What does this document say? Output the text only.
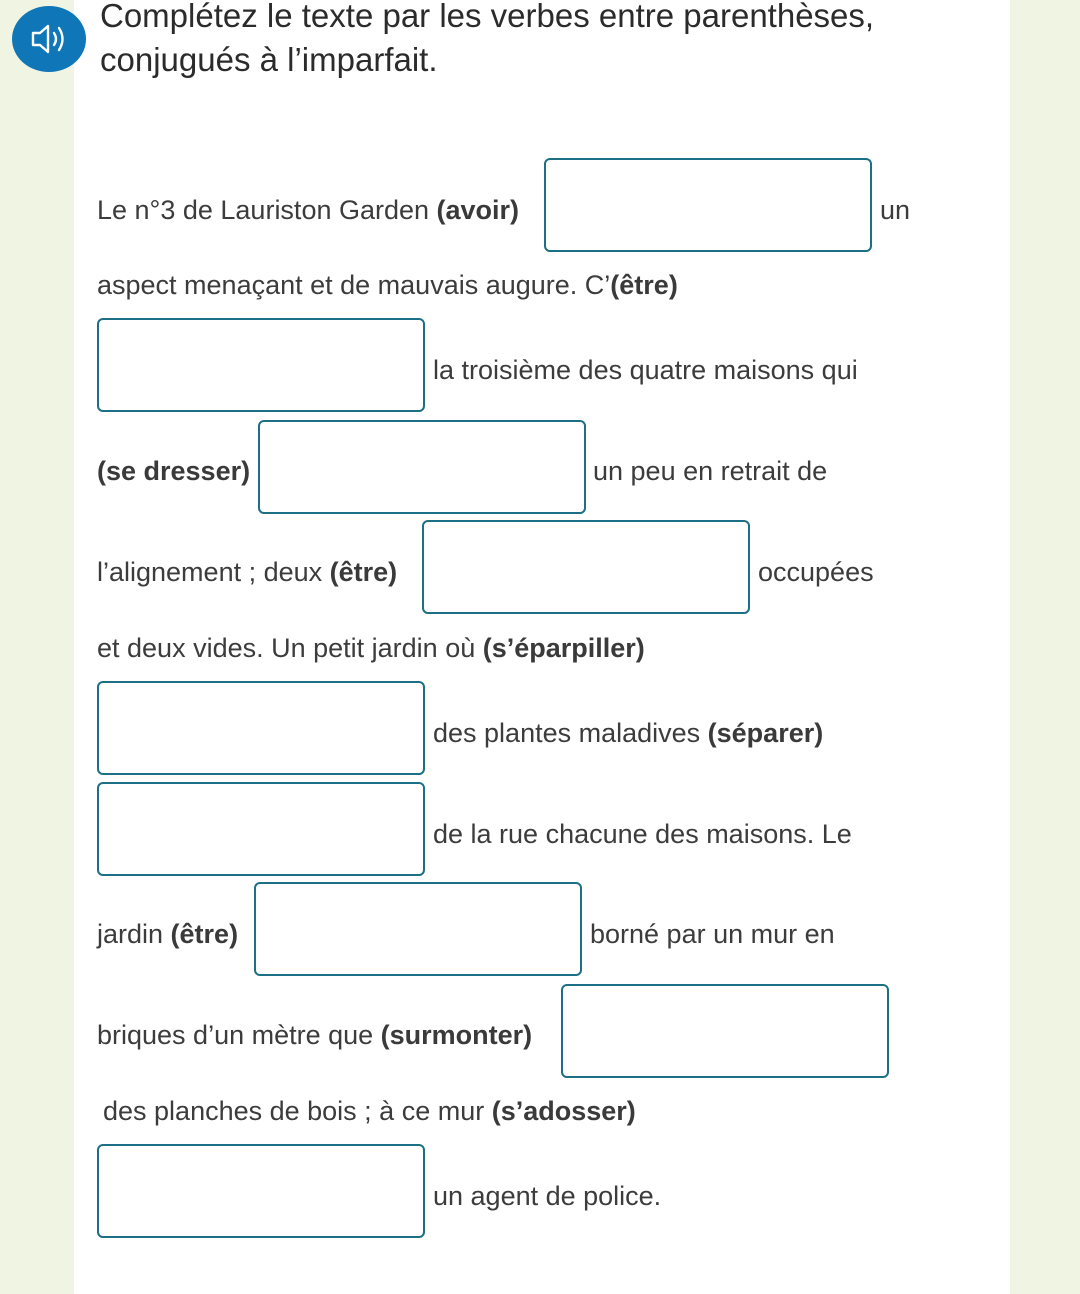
Complétez le texte par les verbes entre parenthèses,
conjugués à l’imparfait.

Le n°3 de Lauriston Garden (avoir)	un
aspect menaçant et de mauvais augure. C’(être)
la troisième des quatre maisons qui
(se dresser)	un peu en retrait de
l’alignement ; deux (être)	occupées
et deux vides. Un petit jardin où (s’éparpiller)
des plantes maladives (séparer)
de la rue chacune des maisons. Le
jardin (être)	borné par un mur en
briques d’un mètre que (surmonter)
des planches de bois ; à ce mur (s’adosser)
un agent de police.
